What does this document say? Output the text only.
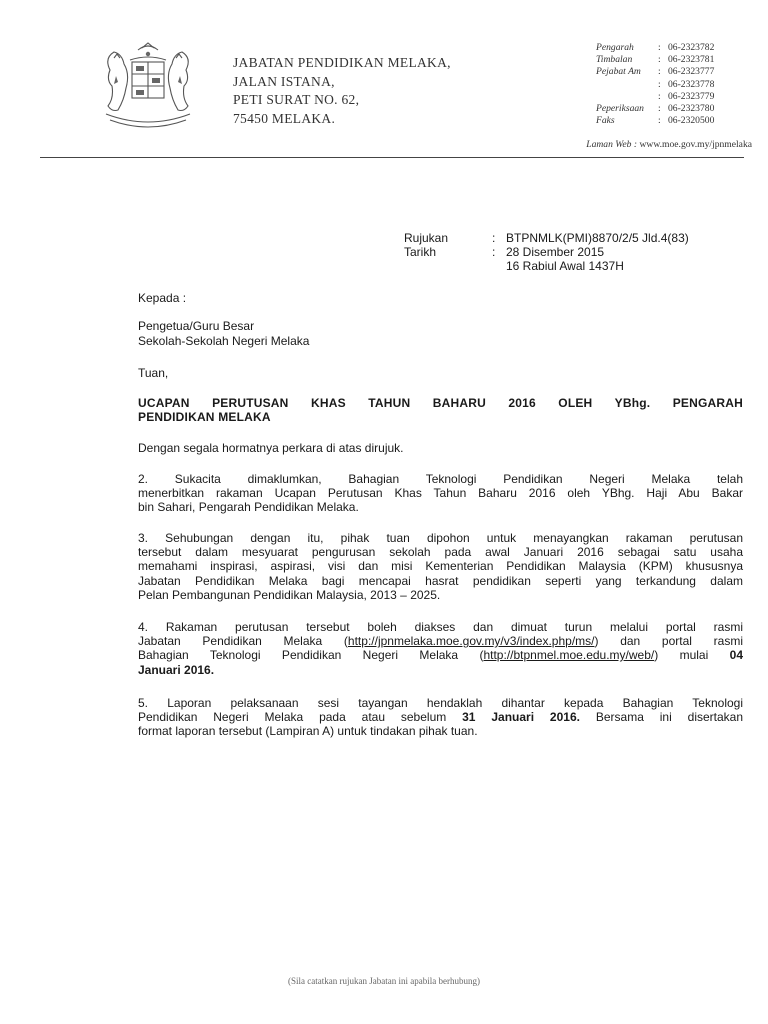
JABATAN PENDIDIKAN MELAKA,
JALAN ISTANA,
PETI SURAT NO. 62,
75450 MELAKA.
Pengarah	: 06-2323782
Timbalan	: 06-2323781
Pejabat Am	: 06-2323777
: 06-2323778
: 06-2323779
Peperiksaan	: 06-2323780
Faks	: 06-2320500
Laman Web : www.moe.gov.my/jpnmelaka
Rujukan	: BTPNMLK(PMI)8870/2/5 Jld.4(83)
Tarikh	: 28 Disember 2015
16 Rabiul Awal 1437H
Kepada :
Pengetua/Guru Besar
Sekolah-Sekolah Negeri Melaka
Tuan,
UCAPAN PERUTUSAN KHAS TAHUN BAHARU 2016 OLEH YBhg. PENGARAH
PENDIDIKAN MELAKA
Dengan segala hormatnya perkara di atas dirujuk.
2. Sukacita dimaklumkan, Bahagian Teknologi Pendidikan Negeri Melaka telah
menerbitkan rakaman Ucapan Perutusan Khas Tahun Baharu 2016 oleh YBhg. Haji Abu Bakar
bin Sahari, Pengarah Pendidikan Melaka.
3. Sehubungan dengan itu, pihak tuan dipohon untuk menayangkan rakaman perutusan
tersebut dalam mesyuarat pengurusan sekolah pada awal Januari 2016 sebagai satu usaha
memahami inspirasi, aspirasi, visi dan misi Kementerian Pendidikan Malaysia (KPM) khususnya
Jabatan Pendidikan Melaka bagi mencapai hasrat pendidikan seperti yang terkandung dalam
Pelan Pembangunan Pendidikan Malaysia, 2013 – 2025.
4. Rakaman perutusan tersebut boleh diakses dan dimuat turun melalui portal rasmi
Jabatan Pendidikan Melaka (http://jpnmelaka.moe.gov.my/v3/index.php/ms/) dan portal rasmi
Bahagian Teknologi Pendidikan Negeri Melaka (http://btpnmel.moe.edu.my/web/) mulai 04
Januari 2016.
5. Laporan pelaksanaan sesi tayangan hendaklah dihantar kepada Bahagian Teknologi
Pendidikan Negeri Melaka pada atau sebelum 31 Januari 2016. Bersama ini disertakan
format laporan tersebut (Lampiran A) untuk tindakan pihak tuan.
(Sila catatkan rujukan Jabatan ini apabila berhubung)
